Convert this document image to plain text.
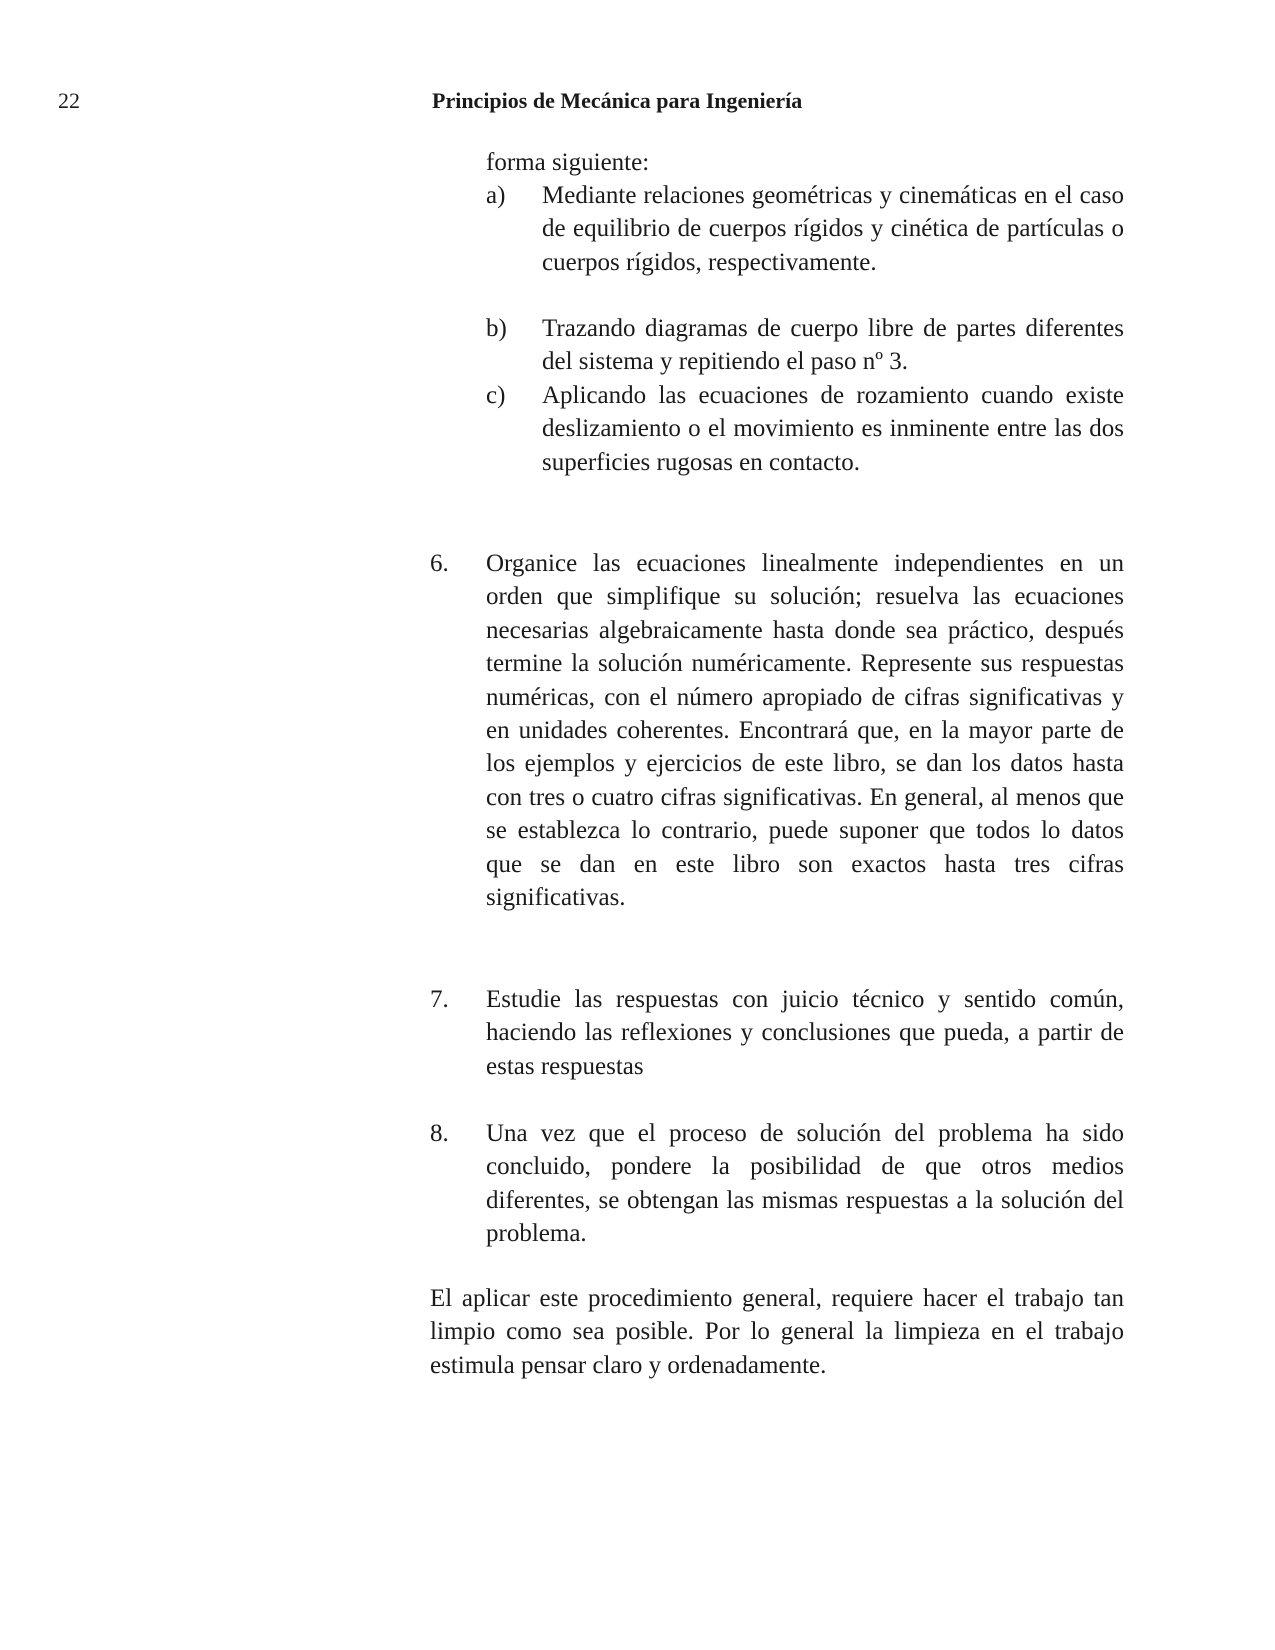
22	Principios de Mecánica para Ingeniería
forma siguiente:
a) Mediante relaciones geométricas y cinemáticas en el caso de equilibrio de cuerpos rígidos y cinética de partículas o cuerpos rígidos, respectivamente.
b) Trazando diagramas de cuerpo libre de partes diferentes del sistema y repitiendo el paso nº 3.
c) Aplicando las ecuaciones de rozamiento cuando existe deslizamiento o el movimiento es inminente entre las dos superficies rugosas en contacto.
6. Organice las ecuaciones linealmente independientes en un orden que simplifique su solución; resuelva las ecuaciones necesarias algebraicamente hasta donde sea práctico, después termine la solución numéricamente. Represente sus respuestas numéricas, con el número apropiado de cifras significativas y en unidades coherentes. Encontrará que, en la mayor parte de los ejemplos y ejercicios de este libro, se dan los datos hasta con tres o cuatro cifras significativas. En general, al menos que se establezca lo contrario, puede suponer que todos lo datos que se dan en este libro son exactos hasta tres cifras significativas.
7. Estudie las respuestas con juicio técnico y sentido común, haciendo las reflexiones y conclusiones que pueda, a partir de estas respuestas
8. Una vez que el proceso de solución del problema ha sido concluido, pondere la posibilidad de que otros medios diferentes, se obtengan las mismas respuestas a la solución del problema.
El aplicar este procedimiento general, requiere hacer el trabajo tan limpio como sea posible. Por lo general la limpieza en el trabajo estimula pensar claro y ordenadamente.
